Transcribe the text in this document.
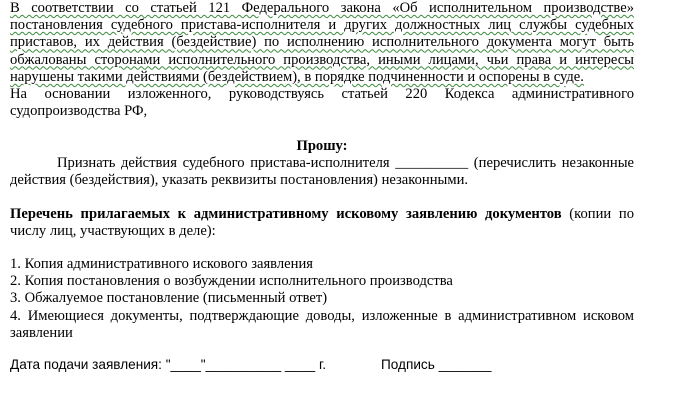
В соответствии со статьей 121 Федерального закона «Об исполнительном производстве»
постановления судебного пристава-исполнителя и других должностных лиц службы судебных
приставов, их действия (бездействие) по исполнению исполнительного документа могут быть
обжалованы сторонами исполнительного производства, иными лицами, чьи права и интересы
нарушены такими действиями (бездействием), в порядке подчиненности и оспорены в суде.
На основании изложенного, руководствуясь статьей 220 Кодекса административного
судопроизводства РФ,
Прошу:
Признать действия судебного пристава-исполнителя __________ (перечислить незаконные
действия (бездействия), указать реквизиты постановления) незаконными.
Перечень прилагаемых к административному исковому заявлению документов (копии по
числу лиц, участвующих в деле):
1. Копия административного искового заявления
2. Копия постановления о возбуждении исполнительного производства
3. Обжалуемое постановление (письменный ответ)
4. Имеющиеся документы, подтверждающие доводы, изложенные в административном исковом
заявлении
Дата подачи заявления: "____"__________ ____ г.	Подпись _______
